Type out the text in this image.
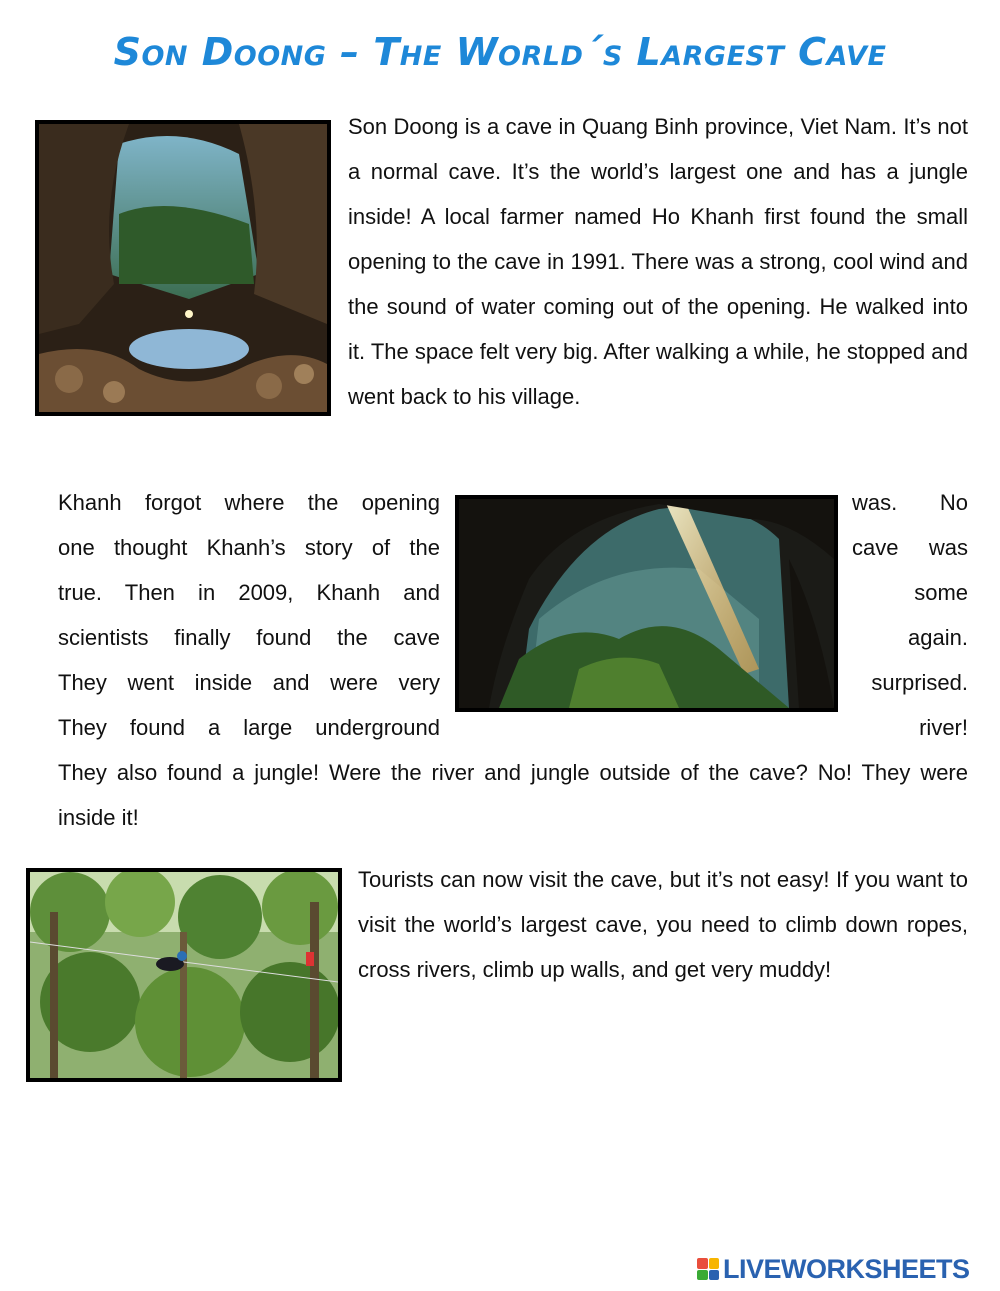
Son Doong – The World´s Largest Cave

Son Doong is a cave in Quang Binh province, Viet Nam. It’s not a normal cave. It’s the world’s largest one and has a jungle inside! A local farmer named Ho Khanh first found the small opening to the cave in 1991. There was a strong, cool wind and the sound of water coming out of the opening. He walked into it. The space felt very big. After walking a while, he stopped and went back to his village.

Khanh forgot where the opening
one thought Khanh’s story of the
true. Then in 2009, Khanh and
scientists finally found the cave
They went inside and were very
They found a large underground
was. No
cave was
some
again.
surprised.
river!

They also found a jungle! Were the river and jungle outside of the cave? No! They were inside it!

Tourists can now visit the cave, but it’s not easy! If you want to visit the world’s largest cave, you need to climb down ropes, cross rivers, climb up walls, and get very muddy!

LIVEWORKSHEETS
